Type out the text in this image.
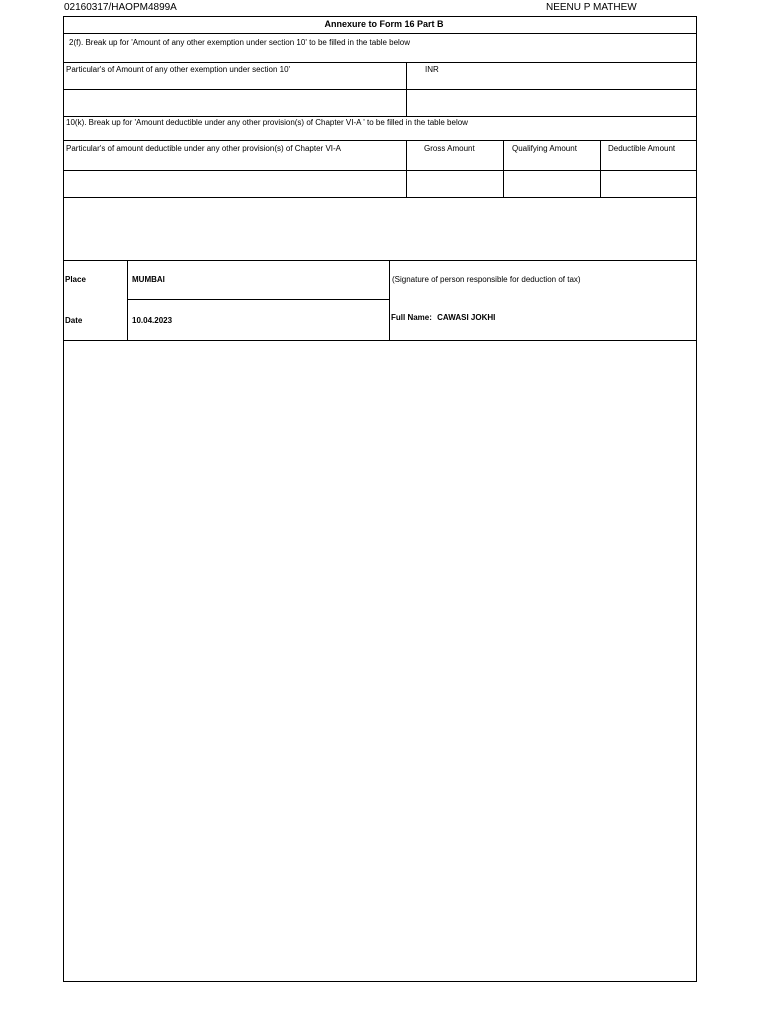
02160317/HAOPM4899A	NEENU P MATHEW
Annexure to Form 16 Part B
2(f). Break up for 'Amount of any other exemption under section 10' to be filled in the table below
Particular's of Amount of any other exemption under section 10'	INR
10(k). Break up for 'Amount deductible under any other provision(s) of Chapter VI-A ' to be filled in the table below
Particular's of amount deductible under any other provision(s) of Chapter VI-A	Gross Amount	Qualifying Amount	Deductible Amount
Place	MUMBAI	(Signature of person responsible for deduction of tax)
Date	10.04.2023	Full Name: CAWASI JOKHI
